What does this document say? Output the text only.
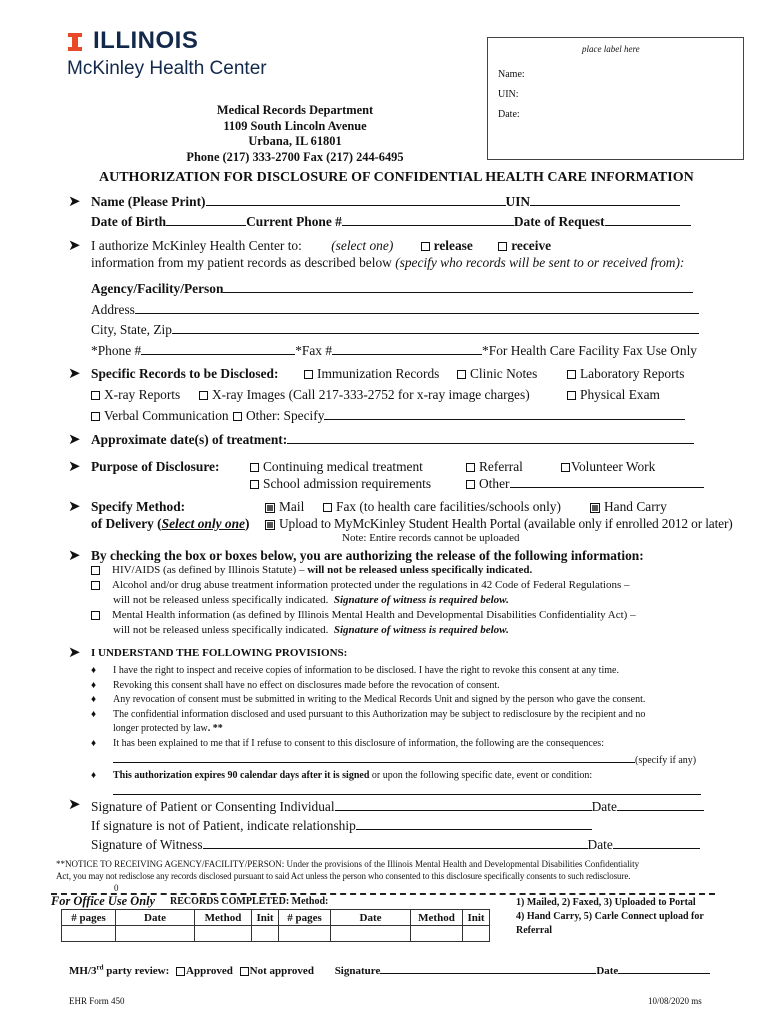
ILLINOIS
McKinley Health Center
place label here
Name:
UIN:
Date:
Medical Records Department
1109 South Lincoln Avenue
Urbana, IL 61801
Phone (217) 333-2700 Fax (217) 244-6495
AUTHORIZATION FOR DISCLOSURE OF CONFIDENTIAL HEALTH CARE INFORMATION
➤ Name (Please Print)	UIN
Date of Birth	Current Phone #	Date of Request
➤ I authorize McKinley Health Center to: (select one)	release	receive
information from my patient records as described below (specify who records will be sent to or received from):
Agency/Facility/Person
Address
City, State, Zip
*Phone #	*Fax #	*For Health Care Facility Fax Use Only
➤ Specific Records to be Disclosed:	Immunization Records	Clinic Notes	Laboratory Reports
X-ray Reports	X-ray Images (Call 217-333-2752 for x-ray image charges)	Physical Exam
Verbal Communication Other: Specify
➤ Approximate date(s) of treatment:
➤ Purpose of Disclosure:	Continuing medical treatment	Referral	Volunteer Work
School admission requirements	Other
➤ Specify Method:
of Delivery (Select only one)
Mail	Fax (to health care facilities/schools only)	Hand Carry
Upload to MyMcKinley Student Health Portal (available only if enrolled 2012 or later)
Note: Entire records cannot be uploaded
➤ By checking the box or boxes below, you are authorizing the release of the following information:
HIV/AIDS (as defined by Illinois Statute) – will not be released unless specifically indicated.
Alcohol and/or drug abuse treatment information protected under the regulations in 42 Code of Federal Regulations –
will not be released unless specifically indicated. Signature of witness is required below.
Mental Health information (as defined by Illinois Mental Health and Developmental Disabilities Confidentiality Act) –
will not be released unless specifically indicated. Signature of witness is required below.
➤ I UNDERSTAND THE FOLLOWING PROVISIONS:
♦ I have the right to inspect and receive copies of information to be disclosed. I have the right to revoke this consent at any time.
♦ Revoking this consent shall have no effect on disclosures made before the revocation of consent.
♦ Any revocation of consent must be submitted in writing to the Medical Records Unit and signed by the person who gave the consent.
♦ The confidential information disclosed and used pursuant to this Authorization may be subject to redisclosure by the recipient and no
longer protected by law. **
♦ It has been explained to me that if I refuse to consent to this disclosure of information, the following are the consequences:
(specify if any)
♦ This authorization expires 90 calendar days after it is signed or upon the following specific date, event or condition:
➤ Signature of Patient or Consenting Individual	Date
If signature is not of Patient, indicate relationship
Signature of Witness	Date
**NOTICE TO RECEIVING AGENCY/FACILITY/PERSON: Under the provisions of the Illinois Mental Health and Developmental Disabilities Confidentiality
Act, you may not redisclose any records disclosed pursuant to said Act unless the person who consented to this disclosure specifically consents to such redisclosure.
0
For Office Use Only RECORDS COMPLETED: Method:
# pages	Date	Method	Init	# pages	Date	Method	Init

1) Mailed, 2) Faxed, 3) Uploaded to Portal
4) Hand Carry, 5) Carle Connect upload for
Referral
MH/3rd party review: Approved Not approved Signature	Date
EHR Form 450	10/08/2020 ms
